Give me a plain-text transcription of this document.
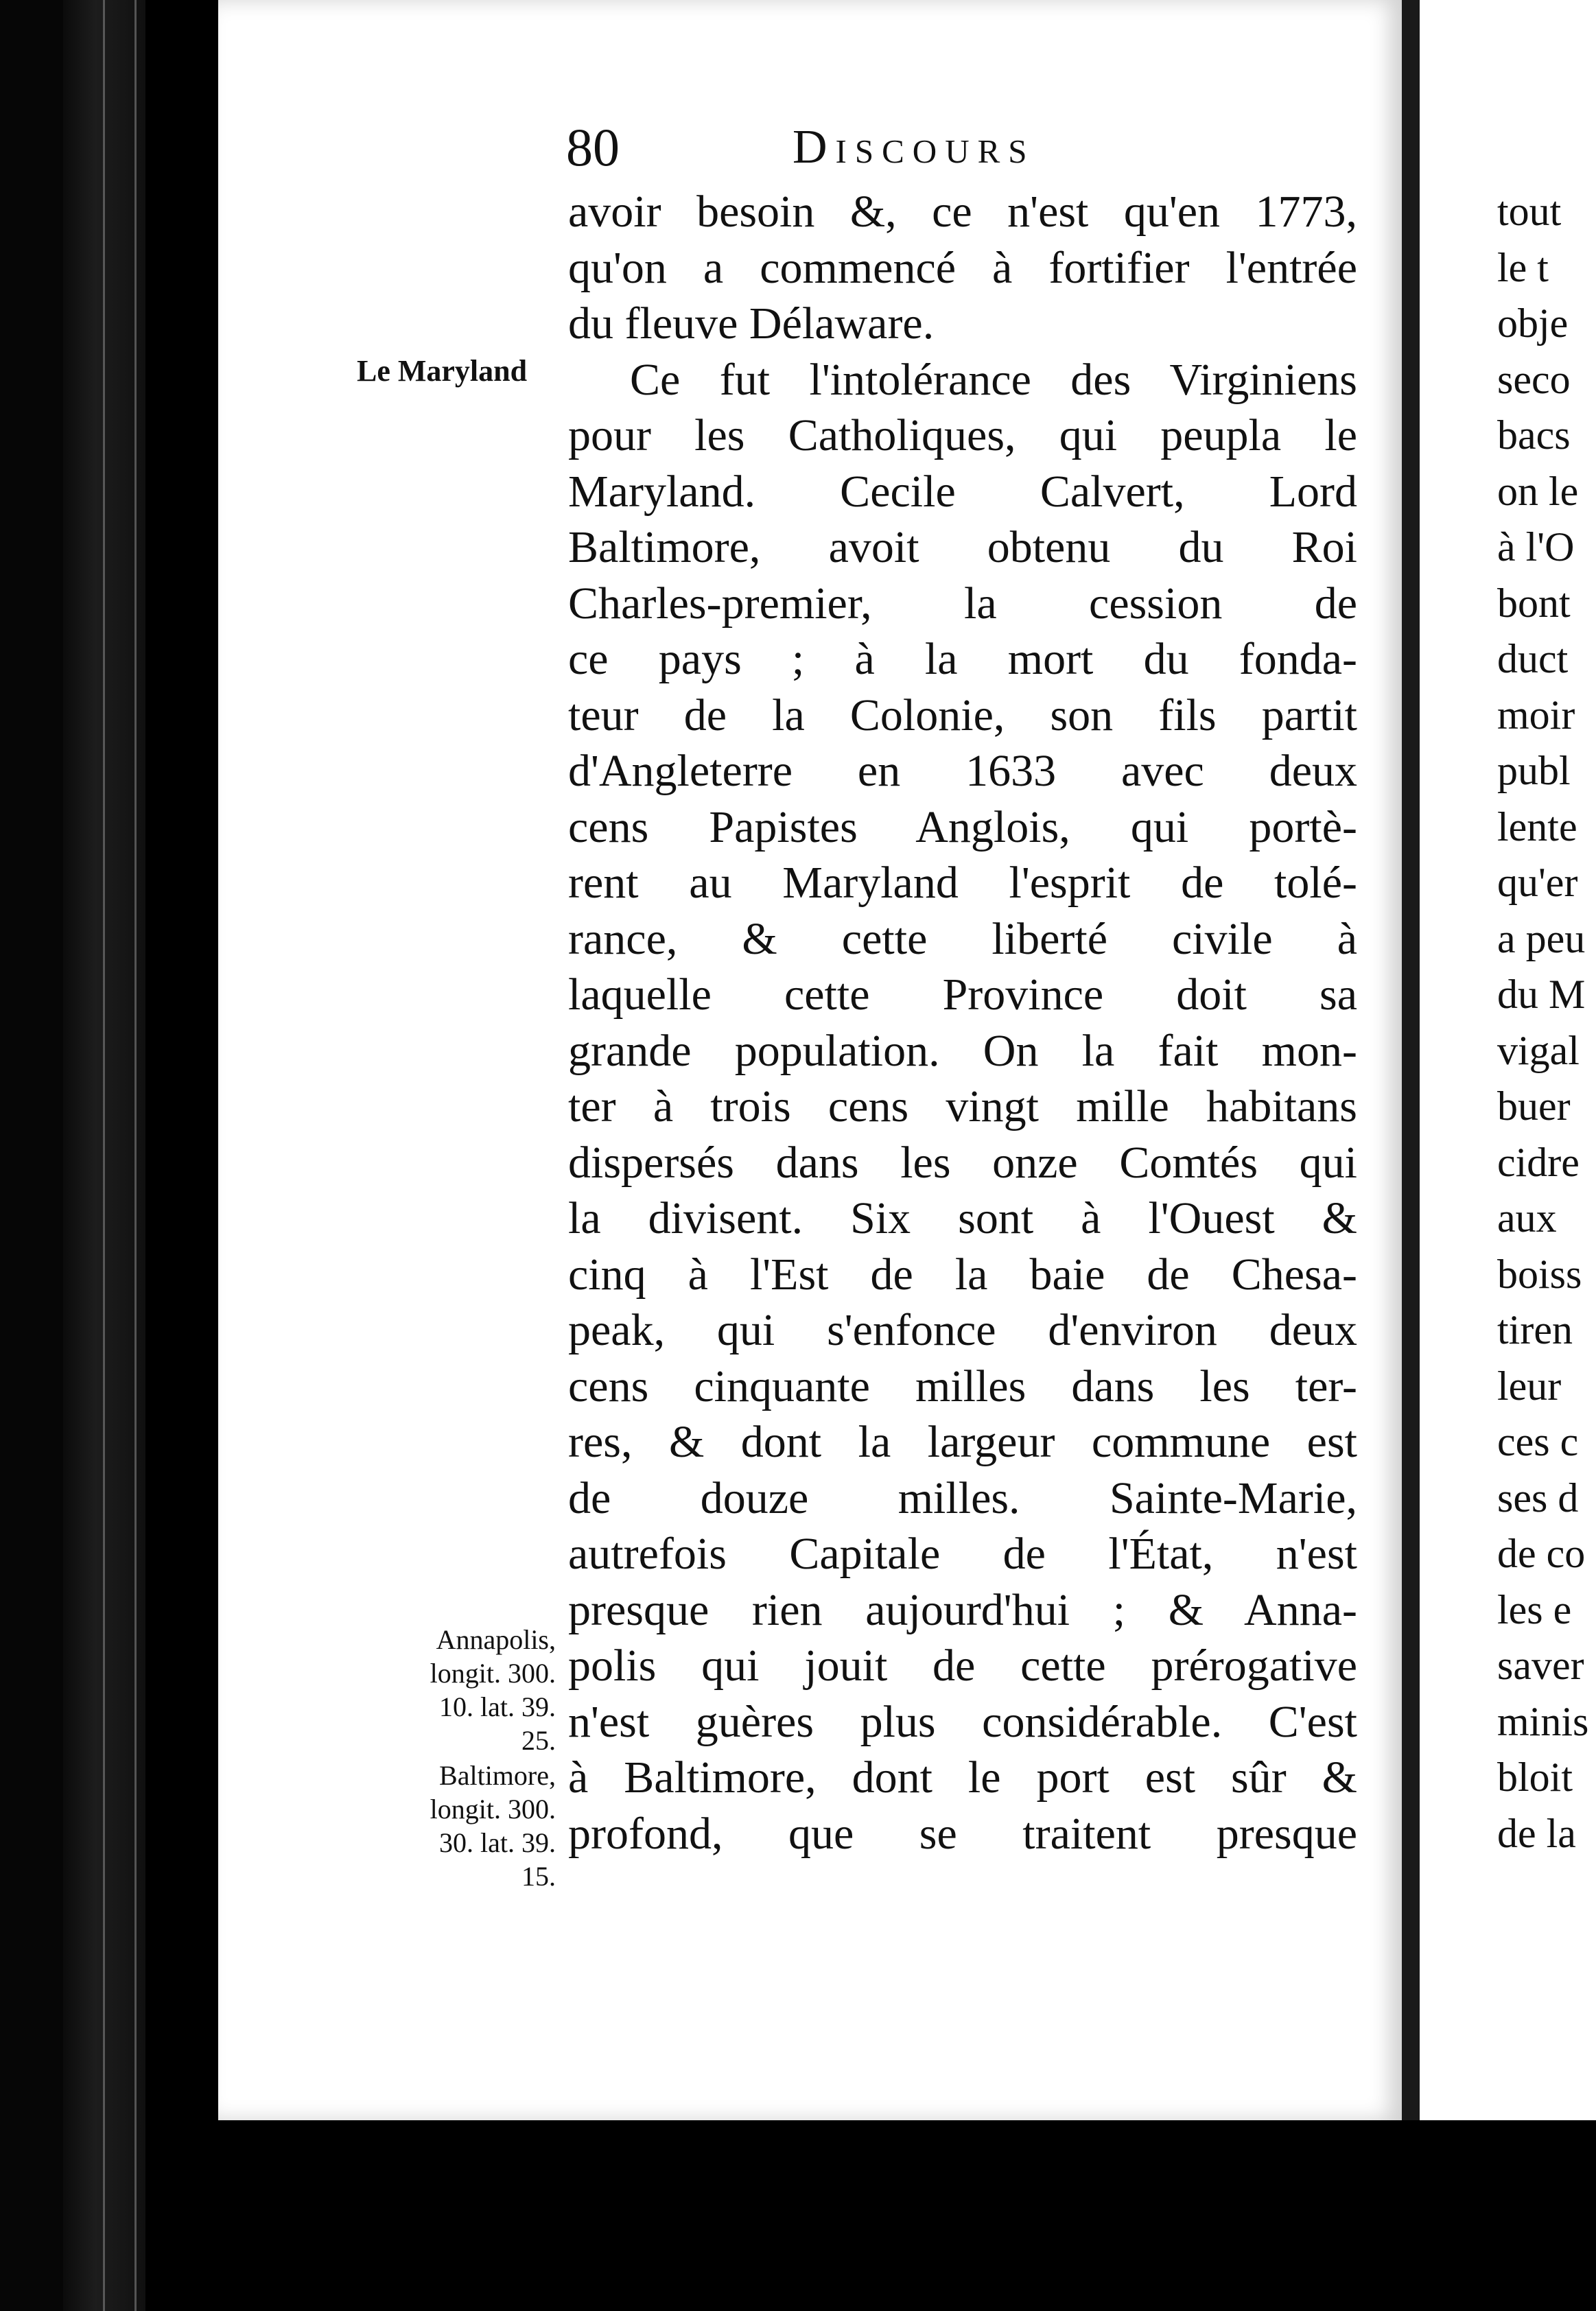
80	Discours
Le Maryland
Annapolis,
longit. 300.
10. lat. 39.
25.
Baltimore,
longit. 300.
30. lat. 39.
15.
avoir besoin &, ce n'est qu'en 1773,
qu'on a commencé à fortifier l'entrée
du fleuve Délaware.
Ce fut l'intolérance des Virginiens
pour les Catholiques, qui peupla le
Maryland. Cecile Calvert, Lord
Baltimore, avoit obtenu du Roi
Charles-premier, la cession de
ce pays ; à la mort du fonda-
teur de la Colonie, son fils partit
d'Angleterre en 1633 avec deux
cens Papistes Anglois, qui portè-
rent au Maryland l'esprit de tolé-
rance, & cette liberté civile à
laquelle cette Province doit sa
grande population. On la fait mon-
ter à trois cens vingt mille habitans
dispersés dans les onze Comtés qui
la divisent. Six sont à l'Ouest &
cinq à l'Est de la baie de Chesa-
peak, qui s'enfonce d'environ deux
cens cinquante milles dans les ter-
res, & dont la largeur commune est
de douze milles. Sainte-Marie,
autrefois Capitale de l'État, n'est
presque rien aujourd'hui ; & Anna-
polis qui jouit de cette prérogative
n'est guères plus considérable. C'est
à Baltimore, dont le port est sûr &
profond, que se traitent presque
tout
le t
obje
seco
bacs
on le
à l'O
bont
duct
moir
publ
lente
qu'er
a peu
du M
vigal
buer
cidre
aux
boiss
tiren
leur
ces c
ses d
de co
les e
saver
minis
bloit
de la
